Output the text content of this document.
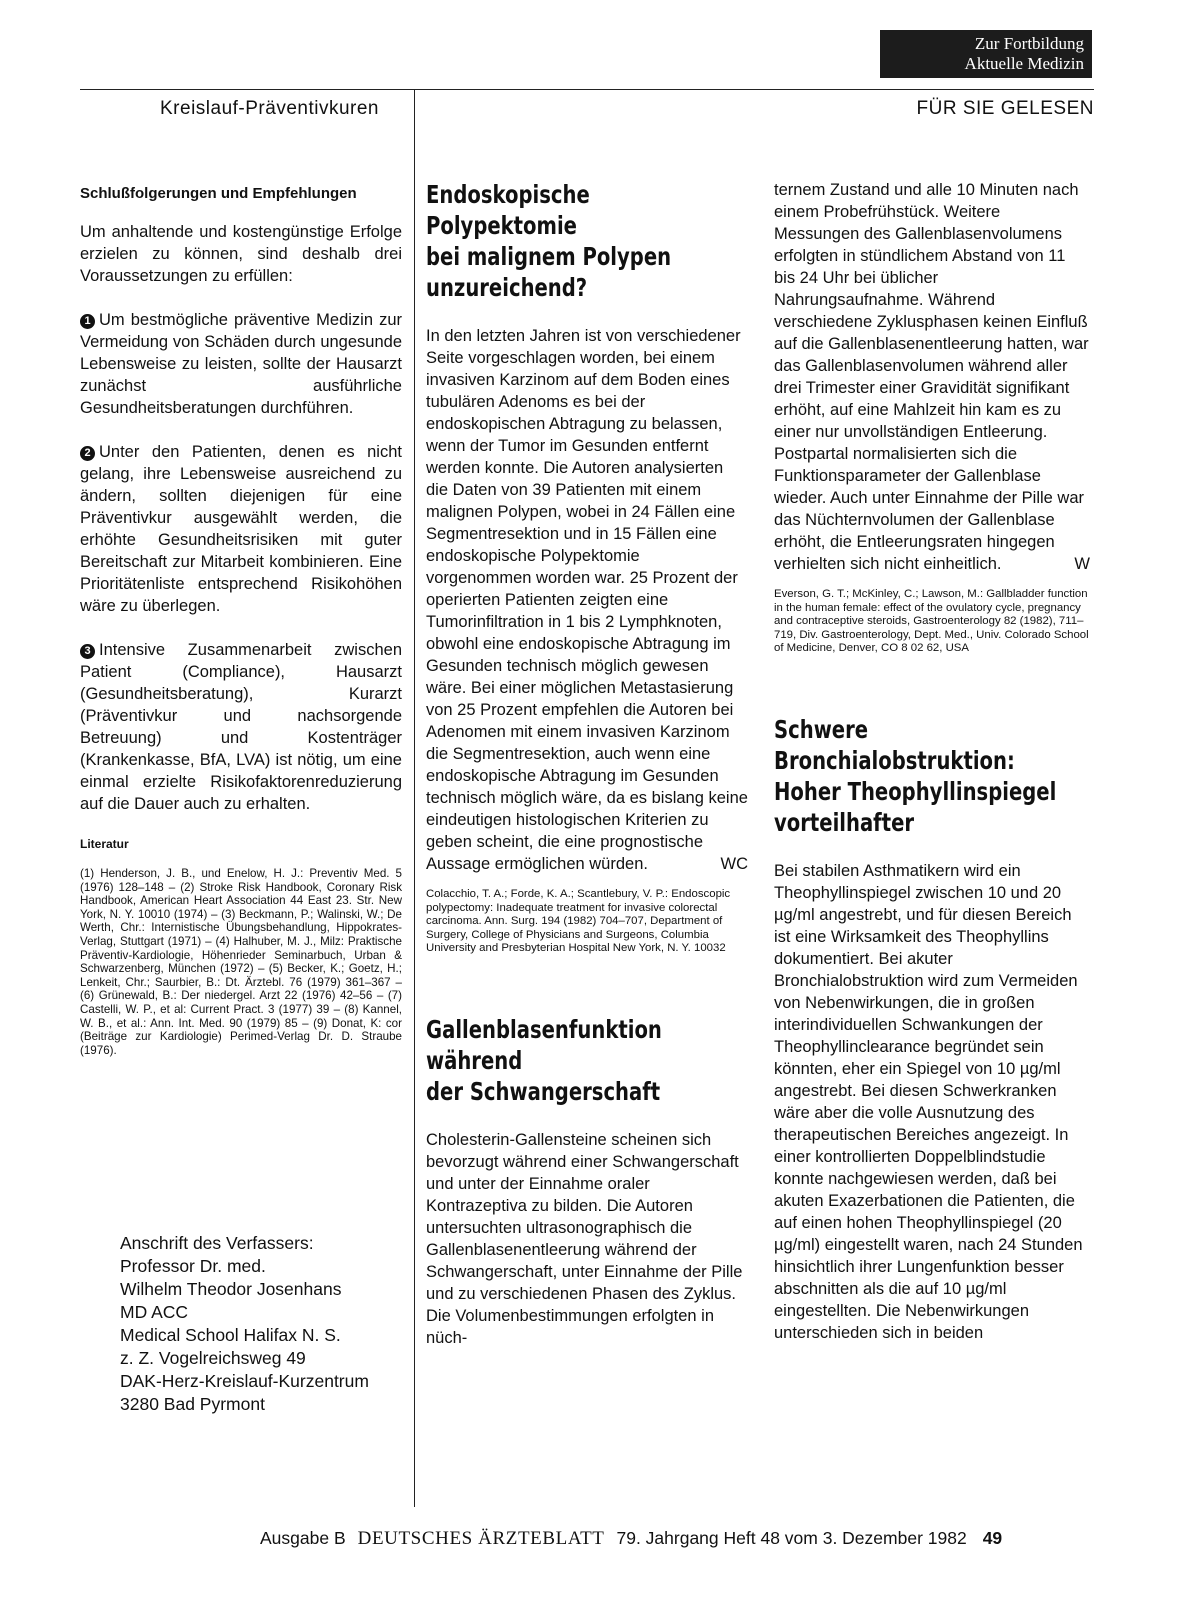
Zur Fortbildung
Aktuelle Medizin
Kreislauf-Präventivkuren	FÜR SIE GELESEN
Schlußfolgerungen und Empfehlungen

Um anhaltende und kostengünstige Erfolge erzielen zu können, sind deshalb drei Voraussetzungen zu erfüllen:

1 Um bestmögliche präventive Medizin zur Vermeidung von Schäden durch ungesunde Lebensweise zu leisten, sollte der Hausarzt zunächst ausführliche Gesundheitsberatungen durchführen.

2 Unter den Patienten, denen es nicht gelang, ihre Lebensweise ausreichend zu ändern, sollten diejenigen für eine Präventivkur ausgewählt werden, die erhöhte Gesundheitsrisiken mit guter Bereitschaft zur Mitarbeit kombinieren. Eine Prioritätenliste entsprechend Risikohöhen wäre zu überlegen.

3 Intensive Zusammenarbeit zwischen Patient (Compliance), Hausarzt (Gesundheitsberatung), Kurarzt (Präventivkur und nachsorgende Betreuung) und Kostenträger (Krankenkasse, BfA, LVA) ist nötig, um eine einmal erzielte Risikofaktorenreduzierung auf die Dauer auch zu erhalten.

Literatur

(1) Henderson, J. B., und Enelow, H. J.: Preventiv Med. 5 (1976) 128–148 – (2) Stroke Risk Handbook, Coronary Risk Handbook, American Heart Association 44 East 23. Str. New York, N. Y. 10010 (1974) – (3) Beckmann, P.; Walinski, W.; De Werth, Chr.: Internistische Übungsbehandlung, Hippokrates-Verlag, Stuttgart (1971) – (4) Halhuber, M. J., Milz: Praktische Präventiv-Kardiologie, Höhenrieder Seminarbuch, Urban & Schwarzenberg, München (1972) – (5) Becker, K.; Goetz, H.; Lenkeit, Chr.; Saurbier, B.: Dt. Ärztebl. 76 (1979) 361–367 – (6) Grünewald, B.: Der niedergel. Arzt 22 (1976) 42–56 – (7) Castelli, W. P., et al: Current Pract. 3 (1977) 39 – (8) Kannel, W. B., et al.: Ann. Int. Med. 90 (1979) 85 – (9) Donat, K: cor (Beiträge zur Kardiologie) Perimed-Verlag Dr. D. Straube (1976).

Anschrift des Verfassers:
Professor Dr. med.
Wilhelm Theodor Josenhans
MD ACC
Medical School Halifax N. S.
z. Z. Vogelreichsweg 49
DAK-Herz-Kreislauf-Kurzentrum
3280 Bad Pyrmont
Endoskopische
Polypektomie
bei malignem Polypen
unzureichend?

In den letzten Jahren ist von verschiedener Seite vorgeschlagen worden, bei einem invasiven Karzinom auf dem Boden eines tubulären Adenoms es bei der endoskopischen Abtragung zu belassen, wenn der Tumor im Gesunden entfernt werden konnte. Die Autoren analysierten die Daten von 39 Patienten mit einem malignen Polypen, wobei in 24 Fällen eine Segmentresektion und in 15 Fällen eine endoskopische Polypektomie vorgenommen worden war. 25 Prozent der operierten Patienten zeigten eine Tumorinfiltration in 1 bis 2 Lymphknoten, obwohl eine endoskopische Abtragung im Gesunden technisch möglich gewesen wäre. Bei einer möglichen Metastasierung von 25 Prozent empfehlen die Autoren bei Adenomen mit einem invasiven Karzinom die Segmentresektion, auch wenn eine endoskopische Abtragung im Gesunden technisch möglich wäre, da es bislang keine eindeutigen histologischen Kriterien zu geben scheint, die eine prognostische Aussage ermöglichen würden.	WC

Colacchio, T. A.; Forde, K. A.; Scantlebury, V. P.: Endoscopic polypectomy: Inadequate treatment for invasive colorectal carcinoma. Ann. Surg. 194 (1982) 704–707, Department of Surgery, College of Physicians and Surgeons, Columbia University and Presbyterian Hospital New York, N. Y. 10032

Gallenblasenfunktion
während
der Schwangerschaft

Cholesterin-Gallensteine scheinen sich bevorzugt während einer Schwangerschaft und unter der Einnahme oraler Kontrazeptiva zu bilden. Die Autoren untersuchten ultrasonographisch die Gallenblasenentleerung während der Schwangerschaft, unter Einnahme der Pille und zu verschiedenen Phasen des Zyklus. Die Volumenbestimmungen erfolgten in nüch-

ternem Zustand und alle 10 Minuten nach einem Probefrühstück. Weitere Messungen des Gallenblasenvolumens erfolgten in stündlichem Abstand von 11 bis 24 Uhr bei üblicher Nahrungsaufnahme. Während verschiedene Zyklusphasen keinen Einfluß auf die Gallenblasenentleerung hatten, war das Gallenblasenvolumen während aller drei Trimester einer Gravidität signifikant erhöht, auf eine Mahlzeit hin kam es zu einer nur unvollständigen Entleerung. Postpartal normalisierten sich die Funktionsparameter der Gallenblase wieder. Auch unter Einnahme der Pille war das Nüchternvolumen der Gallenblase erhöht, die Entleerungsraten hingegen verhielten sich nicht einheitlich.	W

Everson, G. T.; McKinley, C.; Lawson, M.: Gallbladder function in the human female: effect of the ovulatory cycle, pregnancy and contraceptive steroids, Gastroenterology 82 (1982), 711–719, Div. Gastroenterology, Dept. Med., Univ. Colorado School of Medicine, Denver, CO 8 02 62, USA

Schwere
Bronchialobstruktion:
Hoher Theophyllinspiegel
vorteilhafter

Bei stabilen Asthmatikern wird ein Theophyllinspiegel zwischen 10 und 20 µg/ml angestrebt, und für diesen Bereich ist eine Wirksamkeit des Theophyllins dokumentiert. Bei akuter Bronchialobstruktion wird zum Vermeiden von Nebenwirkungen, die in großen interindividuellen Schwankungen der Theophyllinclearance begründet sein könnten, eher ein Spiegel von 10 µg/ml angestrebt. Bei diesen Schwerkranken wäre aber die volle Ausnutzung des therapeutischen Bereiches angezeigt. In einer kontrollierten Doppelblindstudie konnte nachgewiesen werden, daß bei akuten Exazerbationen die Patienten, die auf einen hohen Theophyllinspiegel (20 µg/ml) eingestellt waren, nach 24 Stunden hinsichtlich ihrer Lungenfunktion besser abschnitten als die auf 10 µg/ml eingestellten. Die Nebenwirkungen unterschieden sich in beiden

Ausgabe B DEUTSCHES ÄRZTEBLATT 79. Jahrgang Heft 48 vom 3. Dezember 1982 49
